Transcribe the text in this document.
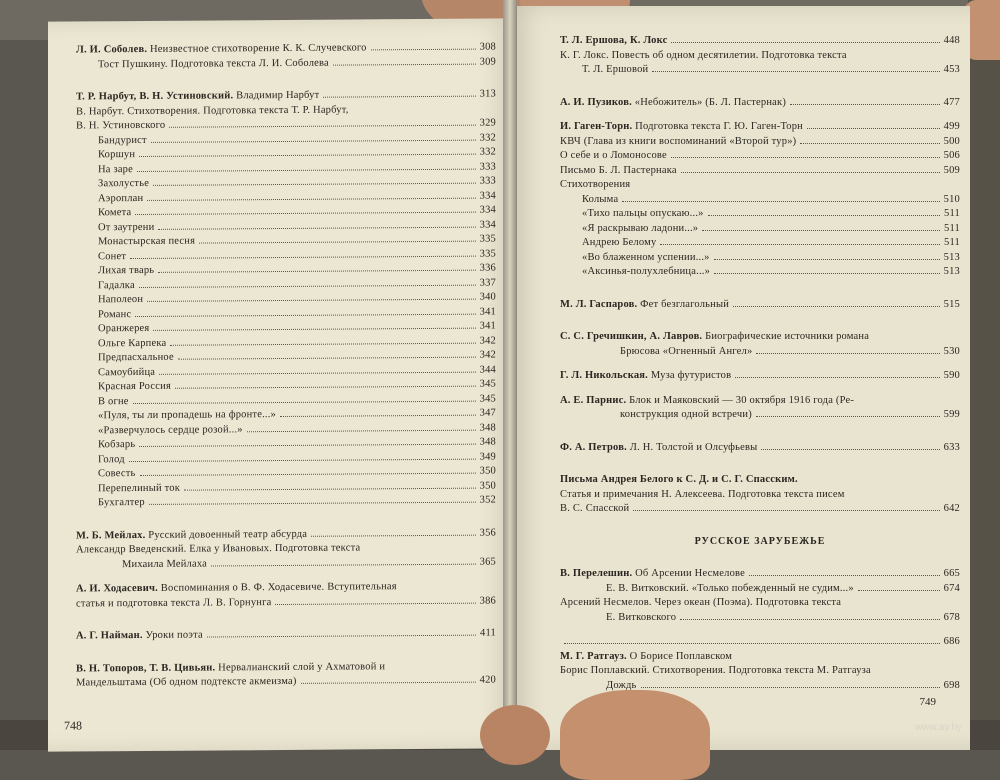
Л. И. Соболев. Неизвестное стихотворение К. К. Случевского	308
Тост Пушкину. Подготовка текста Л. И. Соболева	309
Т. Р. Нарбут, В. Н. Устиновский. Владимир Нарбут	313
В. Нарбут. Стихотворения. Подготовка текста Т. Р. Нарбут,
В. Н. Устиновского	329
Бандурист	332
Коршун	332
На заре	333
Захолустье	333
Аэроплан	334
Комета	334
От заутрени	334
Монастырская песня	335
Сонет	335
Лихая тварь	336
Гадалка	337
Наполеон	340
Романс	341
Оранжерея	341
Ольге Карпека	342
Предпасхальное	342
Самоубийца	344
Красная Россия	345
В огне	345
«Пуля, ты ли пропадешь на фронте...»	347
«Разверчулось сердце розой...»	348
Кобзарь	348
Голод	349
Совесть	350
Перепелиный ток	350
Бухгалтер	352
М. Б. Мейлах. Русский довоенный театр абсурда	356
Александр Введенский. Елка у Ивановых. Подготовка текста
Михаила Мейлаха	365
А. И. Ходасевич. Воспоминания о В. Ф. Ходасевиче. Вступительная
статья и подготовка текста Л. В. Горнунга	386
А. Г. Найман. Уроки поэта	411
В. Н. Топоров, Т. В. Цивьян. Нервалианский слой у Ахматовой и
Мандельштама (Об одном подтексте акмеизма)	420
748
Т. Л. Ершова, К. Локс	448
К. Г. Локс. Повесть об одном десятилетии. Подготовка текста
Т. Л. Ершовой	453
А. И. Пузиков. «Небожитель» (Б. Л. Пастернак)	477
И. Гаген-Торн. Подготовка текста Г. Ю. Гаген-Торн	499
КВЧ (Глава из книги воспоминаний «Второй тур»)	500
О себе и о Ломоносове	506
Письмо Б. Л. Пастернака	509
Стихотворения
Колыма	510
«Тихо пальцы опускаю...»	511
«Я раскрываю ладони...»	511
Андрею Белому	511
«Во блаженном успении...»	513
«Аксинья-полухлебница...»	513
М. Л. Гаспаров. Фет безглагольный	515
С. С. Гречишкин, А. Лавров. Биографические источники романа
Брюсова «Огненный Ангел»	530
Г. Л. Никольская. Муза футуристов	590
А. Е. Парнис. Блок и Маяковский — 30 октября 1916 года (Ре-
конструкция одной встречи)	599
Ф. А. Петров. Л. Н. Толстой и Олсуфьевы	633
Письма Андрея Белого к С. Д. и С. Г. Спасским.
Статья и примечания Н. Алексеева. Подготовка текста писем
В. С. Спасской	642
РУССКОЕ ЗАРУБЕЖЬЕ
В. Перелешин. Об Арсении Несмелове	665
Е. В. Витковский. «Только побежденный не судим...»	674
Арсений Несмелов. Через океан (Поэма). Подготовка текста
Е. Витковского	678
686
М. Г. Ратгауз. О Борисе Поплавском
Борис Поплавский. Стихотворения. Подготовка текста М. Ратгауза
Дождь	698
749
www.ay.by
